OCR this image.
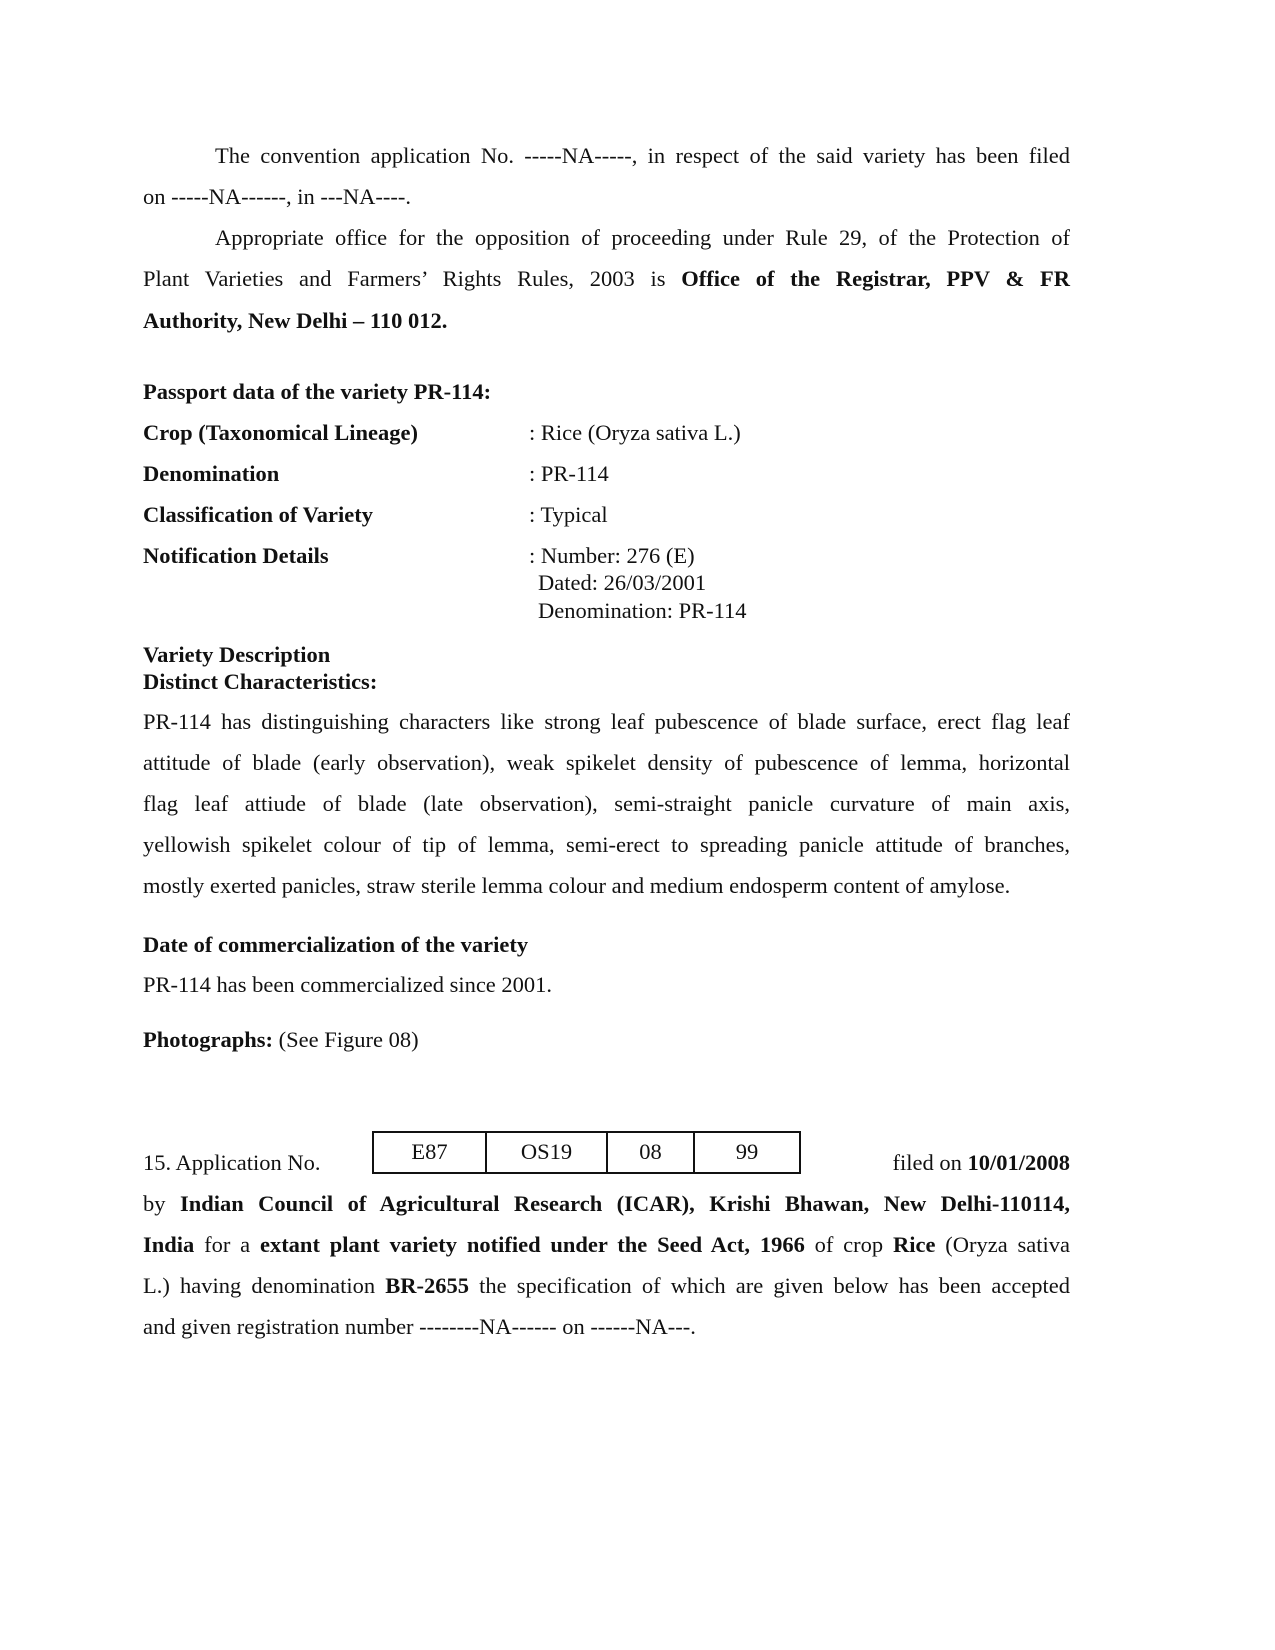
The convention application No. -----NA-----, in respect of the said variety has been filed
on -----NA------, in ---NA----.
Appropriate office for the opposition of proceeding under Rule 29, of the Protection of
Plant Varieties and Farmers’ Rights Rules, 2003 is Office of the Registrar, PPV & FR
Authority, New Delhi – 110 012.
Passport data of the variety PR-114:
Crop (Taxonomical Lineage)	: Rice (Oryza sativa L.)
Denomination	: PR-114
Classification of Variety	: Typical
Notification Details	: Number: 276 (E)
Dated: 26/03/2001
Denomination: PR-114
Variety Description
Distinct Characteristics:
PR-114 has distinguishing characters like strong leaf pubescence of blade surface, erect flag leaf
attitude of blade (early observation), weak spikelet density of pubescence of lemma, horizontal
flag leaf attiude of blade (late observation), semi-straight panicle curvature of main axis,
yellowish spikelet colour of tip of lemma, semi-erect to spreading panicle attitude of branches,
mostly exerted panicles, straw sterile lemma colour and medium endosperm content of amylose.
Date of commercialization of the variety
PR-114 has been commercialized since 2001.
Photographs: (See Figure 08)
15. Application No.	E87	OS19	08	99	filed on 10/01/2008
by Indian Council of Agricultural Research (ICAR), Krishi Bhawan, New Delhi-110114,
India for a extant plant variety notified under the Seed Act, 1966 of crop Rice (Oryza sativa
L.) having denomination BR-2655 the specification of which are given below has been accepted
and given registration number --------NA------ on ------NA---.
